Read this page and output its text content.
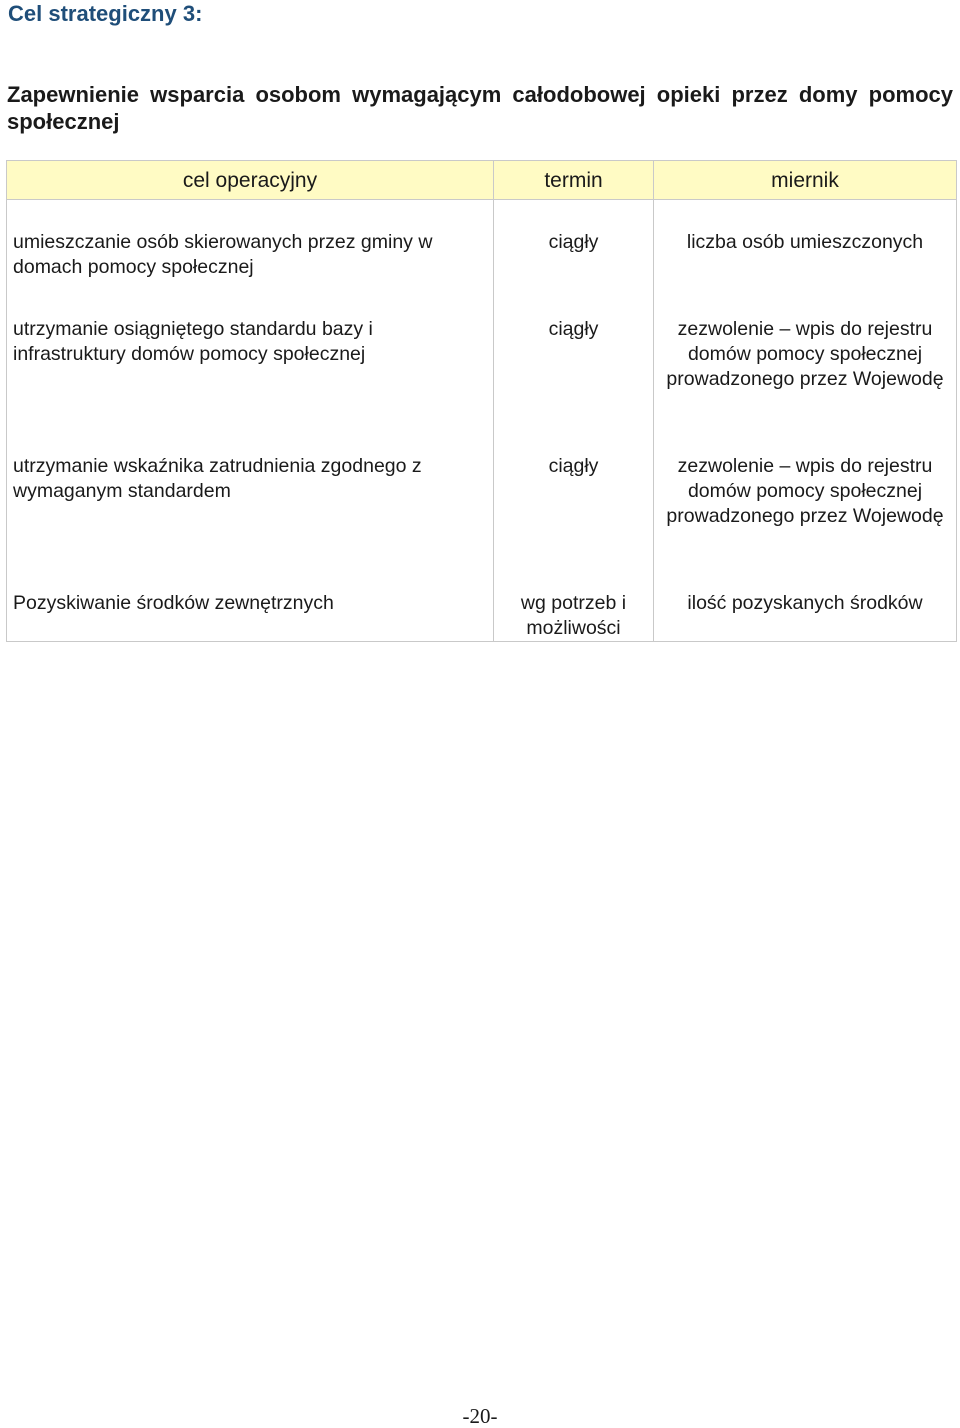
Cel strategiczny 3:
Zapewnienie wsparcia osobom wymagającym całodobowej opieki przez domy pomocy społecznej
cel operacyjny	termin	miernik
umieszczanie osób skierowanych przez gminy w domach pomocy społecznej	ciągły	liczba osób umieszczonych
utrzymanie osiągniętego standardu bazy i infrastruktury domów pomocy społecznej	ciągły	zezwolenie – wpis do rejestru domów pomocy społecznej prowadzonego przez Wojewodę
utrzymanie wskaźnika zatrudnienia zgodnego z wymaganym standardem	ciągły	zezwolenie – wpis do rejestru domów pomocy społecznej prowadzonego przez Wojewodę
Pozyskiwanie środków zewnętrznych	wg potrzeb i możliwości	ilość pozyskanych środków
-20-
